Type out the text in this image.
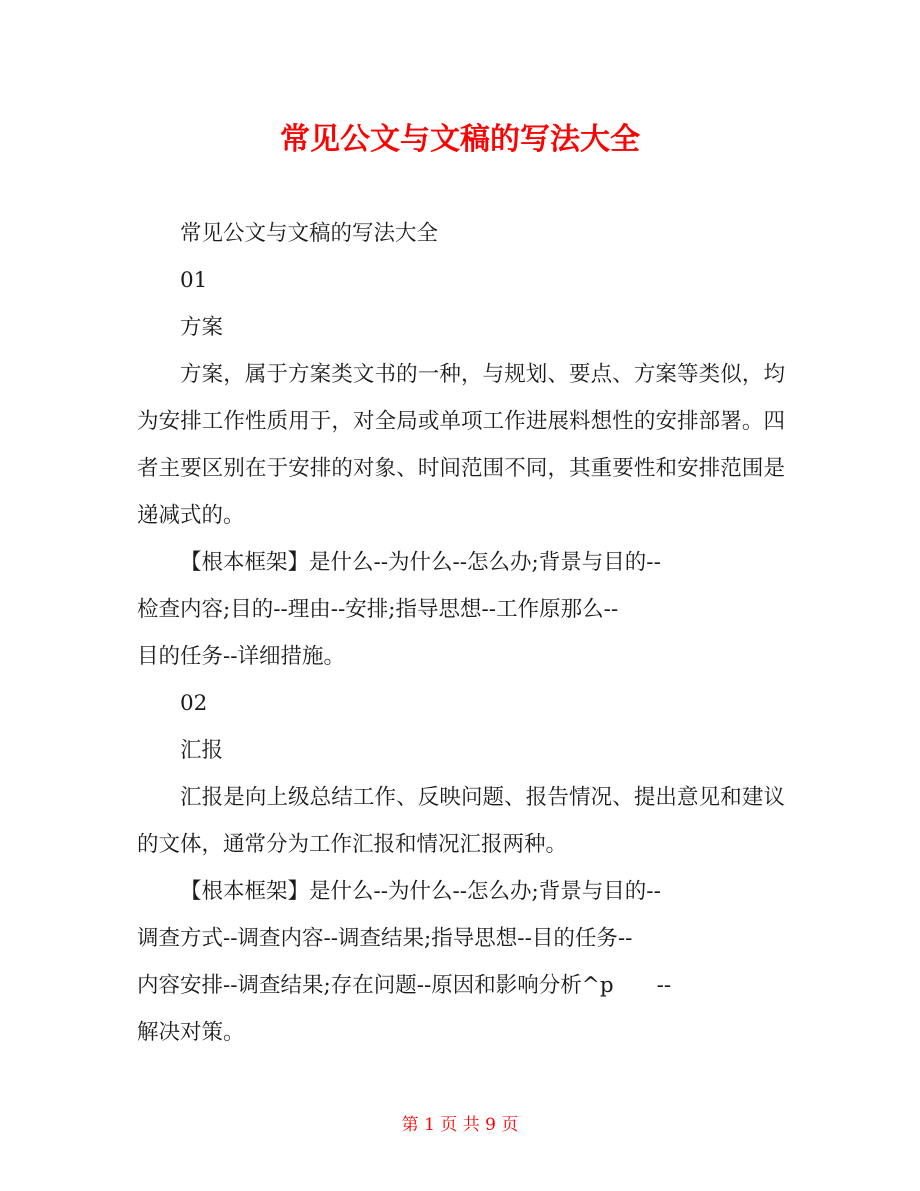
常见公文与文稿的写法大全

常见公文与文稿的写法大全

01

方案

方案，属于方案类文书的一种，与规划、要点、方案等类似，均为安排工作性质用于，对全局或单项工作进展料想性的安排部署。四者主要区别在于安排的对象、时间范围不同，其重要性和安排范围是递减式的。

【根本框架】是什么--为什么--怎么办;背景与目的--
检查内容;目的--理由--安排;指导思想--工作原那么--
目的任务--详细措施。

02

汇报

汇报是向上级总结工作、反映问题、报告情况、提出意见和建议的文体，通常分为工作汇报和情况汇报两种。

【根本框架】是什么--为什么--怎么办;背景与目的--
调查方式--调查内容--调查结果;指导思想--目的任务--
内容安排--调查结果;存在问题--原因和影响分析^p　　--
解决对策。

第 1 页 共 9 页
